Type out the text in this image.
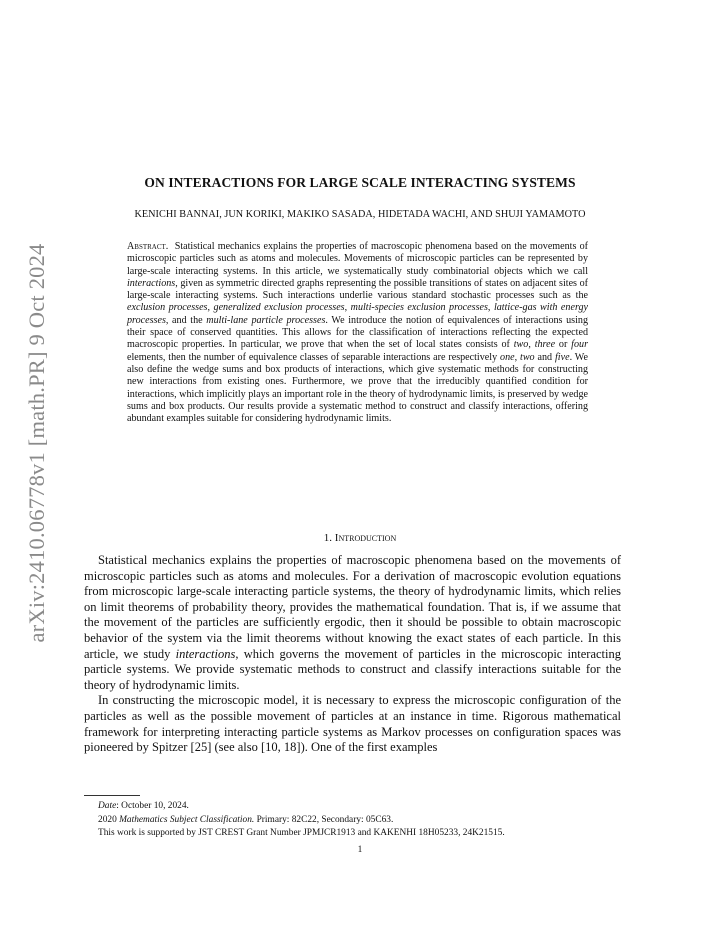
arXiv:2410.06778v1 [math.PR] 9 Oct 2024
ON INTERACTIONS FOR LARGE SCALE INTERACTING SYSTEMS
KENICHI BANNAI, JUN KORIKI, MAKIKO SASADA, HIDETADA WACHI, AND SHUJI YAMAMOTO
Abstract. Statistical mechanics explains the properties of macroscopic phenomena based on the movements of microscopic particles such as atoms and molecules. Movements of microscopic particles can be represented by large-scale interacting systems. In this article, we systematically study combinatorial objects which we call interactions, given as symmetric directed graphs representing the possible transitions of states on adjacent sites of large-scale interacting systems. Such interactions underlie various standard stochastic processes such as the exclusion processes, generalized exclusion processes, multi-species exclusion processes, lattice-gas with energy processes, and the multi-lane particle processes. We introduce the notion of equivalences of interactions using their space of conserved quantities. This allows for the classification of interactions reflecting the expected macroscopic properties. In particular, we prove that when the set of local states consists of two, three or four elements, then the number of equivalence classes of separable interactions are respectively one, two and five. We also define the wedge sums and box products of interactions, which give systematic methods for constructing new interactions from existing ones. Furthermore, we prove that the irreducibly quantified condition for interactions, which implicitly plays an important role in the theory of hydrodynamic limits, is preserved by wedge sums and box products. Our results provide a systematic method to construct and classify interactions, offering abundant examples suitable for considering hydrodynamic limits.
1. Introduction

Statistical mechanics explains the properties of macroscopic phenomena based on the movements of microscopic particles such as atoms and molecules. For a derivation of macroscopic evolution equations from microscopic large-scale interacting particle systems, the theory of hydrodynamic limits, which relies on limit theorems of probability theory, provides the mathematical foundation. That is, if we assume that the movement of the particles are sufficiently ergodic, then it should be possible to obtain macroscopic behavior of the system via the limit theorems without knowing the exact states of each particle. In this article, we study interactions, which governs the movement of particles in the microscopic interacting particle systems. We provide systematic methods to construct and classify interactions suitable for the theory of hydrodynamic limits.

In constructing the microscopic model, it is necessary to express the microscopic configuration of the particles as well as the possible movement of particles at an instance in time. Rigorous mathematical framework for interpreting interacting particle systems as Markov processes on configuration spaces was pioneered by Spitzer [25] (see also [10, 18]). One of the first examples

Date: October 10, 2024.
2020 Mathematics Subject Classification. Primary: 82C22, Secondary: 05C63.
This work is supported by JST CREST Grant Number JPMJCR1913 and KAKENHI 18H05233, 24K21515.
1
